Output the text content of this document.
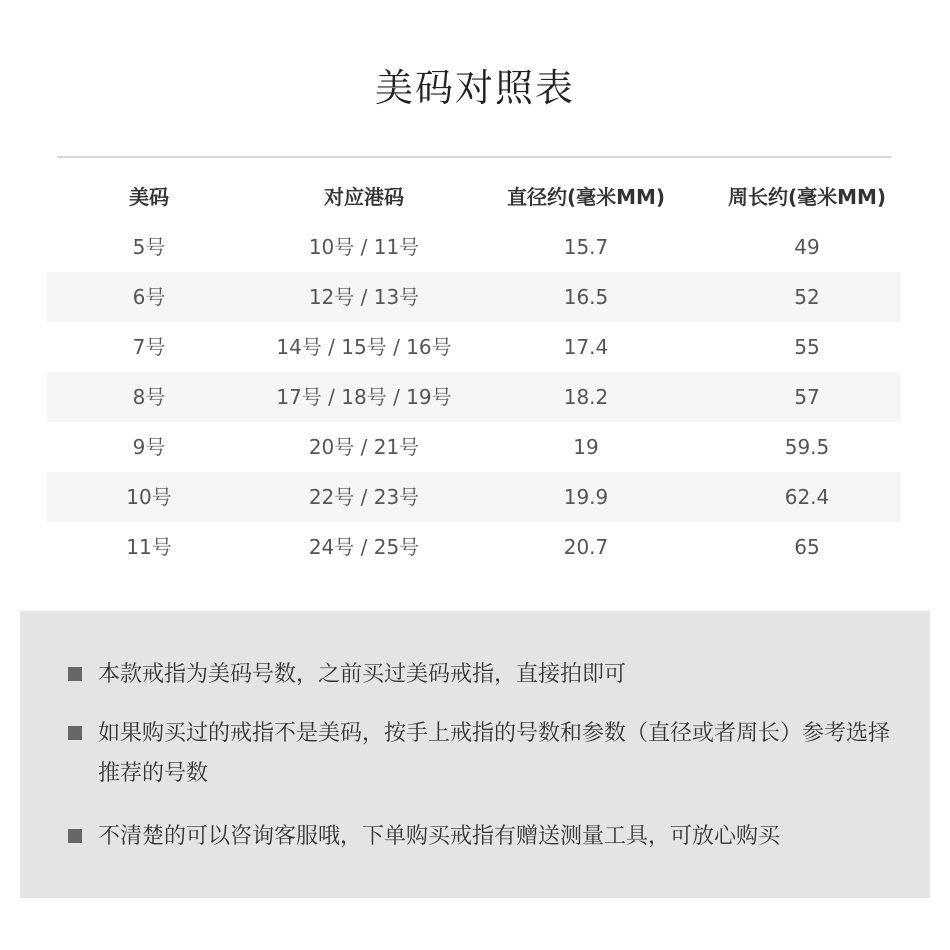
美码对照表
美码	对应港码	直径约(毫米MM)	周长约(毫米MM)
5号	10号 / 11号	15.7	49
6号	12号 / 13号	16.5	52
7号	14号 / 15号 / 16号	17.4	55
8号	17号 / 18号 / 19号	18.2	57
9号	20号 / 21号	19	59.5
10号	22号 / 23号	19.9	62.4
11号	24号 / 25号	20.7	65
本款戒指为美码号数，之前买过美码戒指，直接拍即可
如果购买过的戒指不是美码，按手上戒指的号数和参数（直径或者周长）参考选择推荐的号数
不清楚的可以咨询客服哦，下单购买戒指有赠送测量工具，可放心购买
